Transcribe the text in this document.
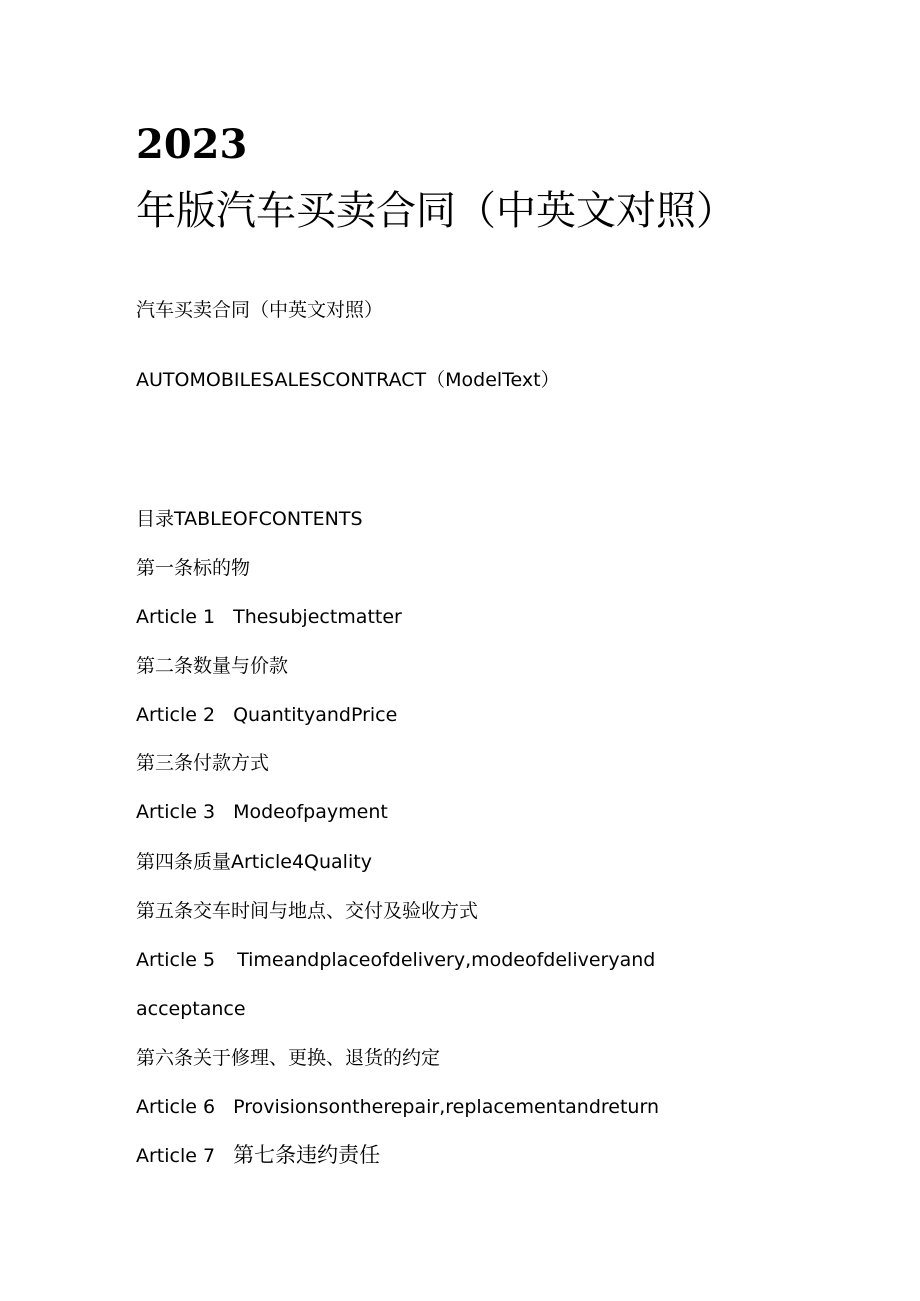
2023年版汽车买卖合同（中英文对照）

汽车买卖合同（中英文对照）

AUTOMOBILESALESCONTRACT（ModelText）

目录TABLEOFCONTENTS

第一条标的物

Article 1 Thesubjectmatter

第二条数量与价款

Article 2 QuantityandPrice

第三条付款方式

Article 3 Modeofpayment

第四条质量Article4Quality

第五条交车时间与地点、交付及验收方式

Article 5 Timeandplaceofdelivery,modeofdeliveryand

acceptance

第六条关于修理、更换、退货的约定

Article 6 Provisionsontherepair,replacementandreturn

Article 7 第七条违约责任
